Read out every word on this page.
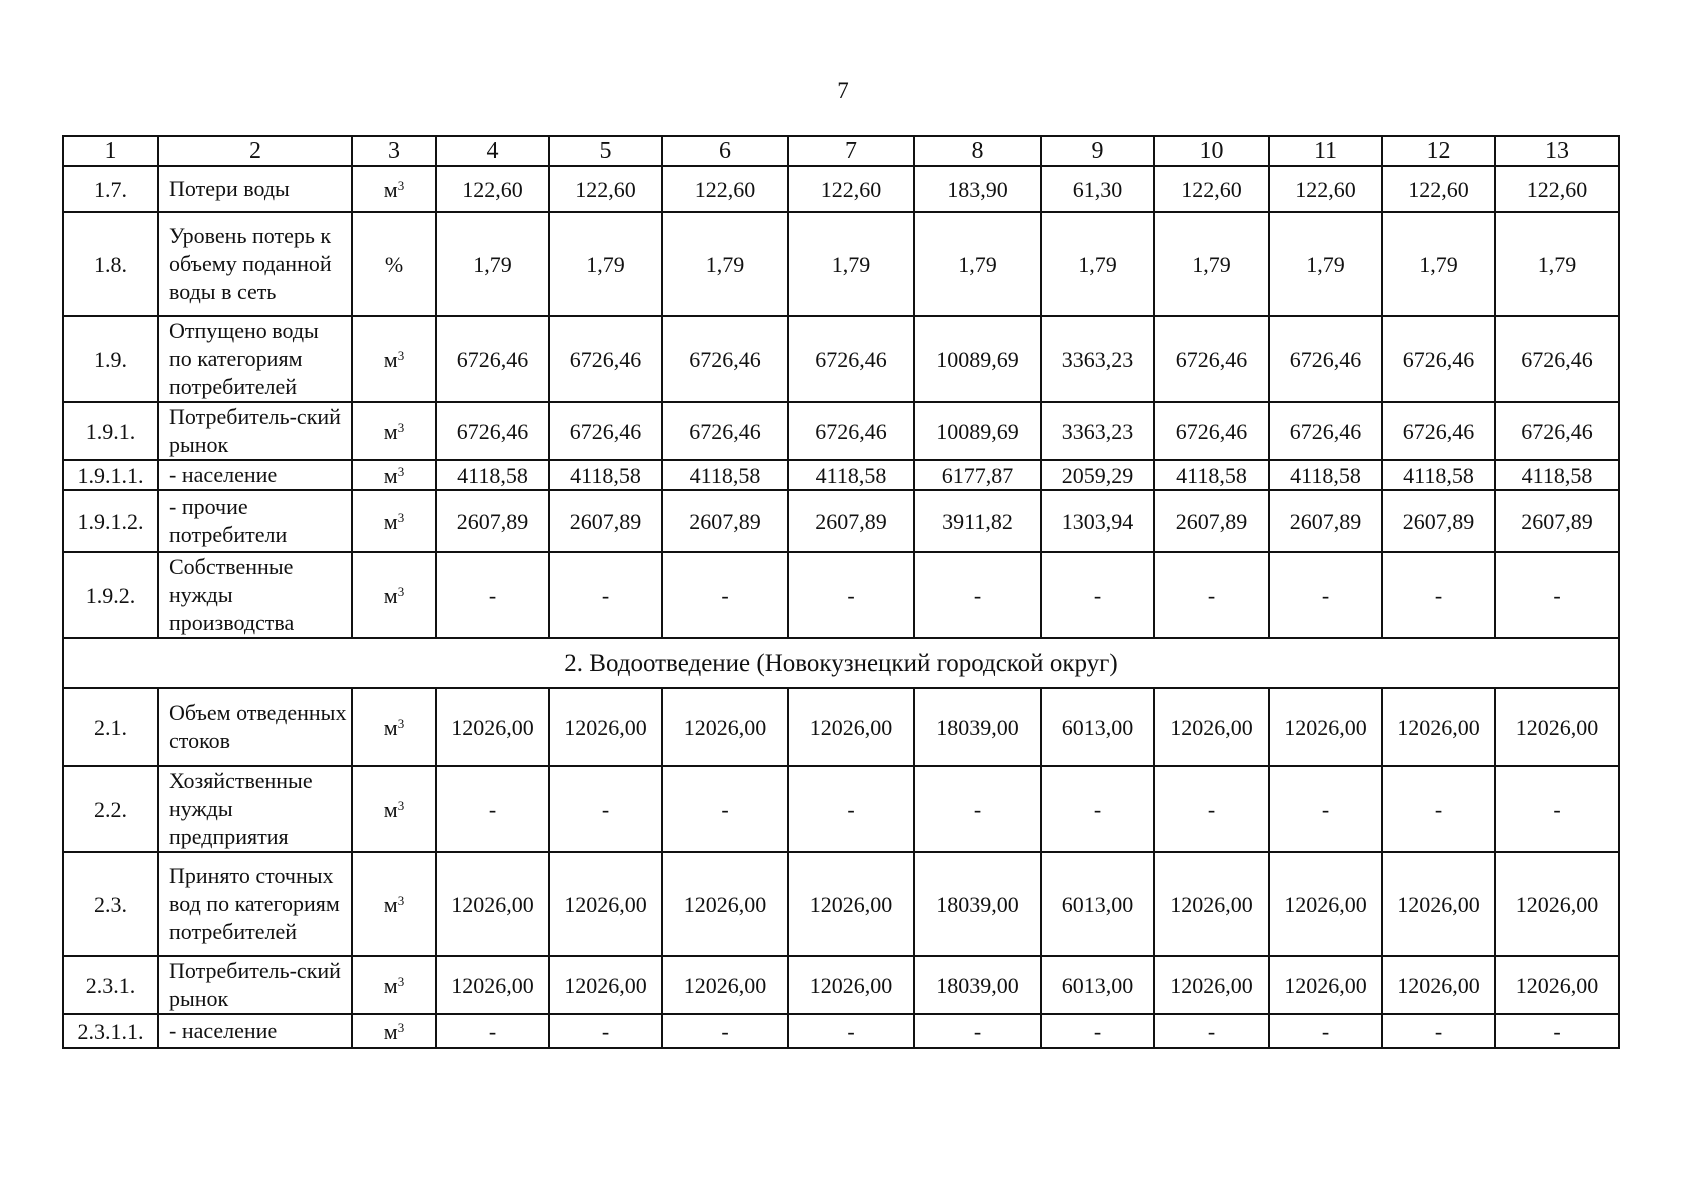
7
1	2	3	4	5	6	7	8	9	10	11	12	13
1.7.	Потери воды	$м^3$	122,60	122,60	122,60	122,60	183,90	61,30	122,60	122,60	122,60	122,60
1.8.	Уровень потерь к объему поданной воды в сеть	%	1,79	1,79	1,79	1,79	1,79	1,79	1,79	1,79	1,79	1,79
1.9.	Отпущено воды по категориям потребителей	$м^3$	6726,46	6726,46	6726,46	6726,46	10089,69	3363,23	6726,46	6726,46	6726,46	6726,46
1.9.1.	Потребитель-ский рынок	$м^3$	6726,46	6726,46	6726,46	6726,46	10089,69	3363,23	6726,46	6726,46	6726,46	6726,46
1.9.1.1.	- население	$м^3$	4118,58	4118,58	4118,58	4118,58	6177,87	2059,29	4118,58	4118,58	4118,58	4118,58
1.9.1.2.	- прочие потребители	$м^3$	2607,89	2607,89	2607,89	2607,89	3911,82	1303,94	2607,89	2607,89	2607,89	2607,89
1.9.2.	Собственные нужды производства	$м^3$	-	-	-	-	-	-	-	-	-	-
2. Водоотведение (Новокузнецкий городской округ)												
2.1.	Объем отведенных стоков	$м^3$	12026,00	12026,00	12026,00	12026,00	18039,00	6013,00	12026,00	12026,00	12026,00	12026,00
2.2.	Хозяйственные нужды предприятия	$м^3$	-	-	-	-	-	-	-	-	-	-
2.3.	Принято сточных вод по категориям потребителей	$м^3$	12026,00	12026,00	12026,00	12026,00	18039,00	6013,00	12026,00	12026,00	12026,00	12026,00
2.3.1.	Потребитель-ский рынок	$м^3$	12026,00	12026,00	12026,00	12026,00	18039,00	6013,00	12026,00	12026,00	12026,00	12026,00
2.3.1.1.	- население	$м^3$	-	-	-	-	-	-	-	-	-	-
